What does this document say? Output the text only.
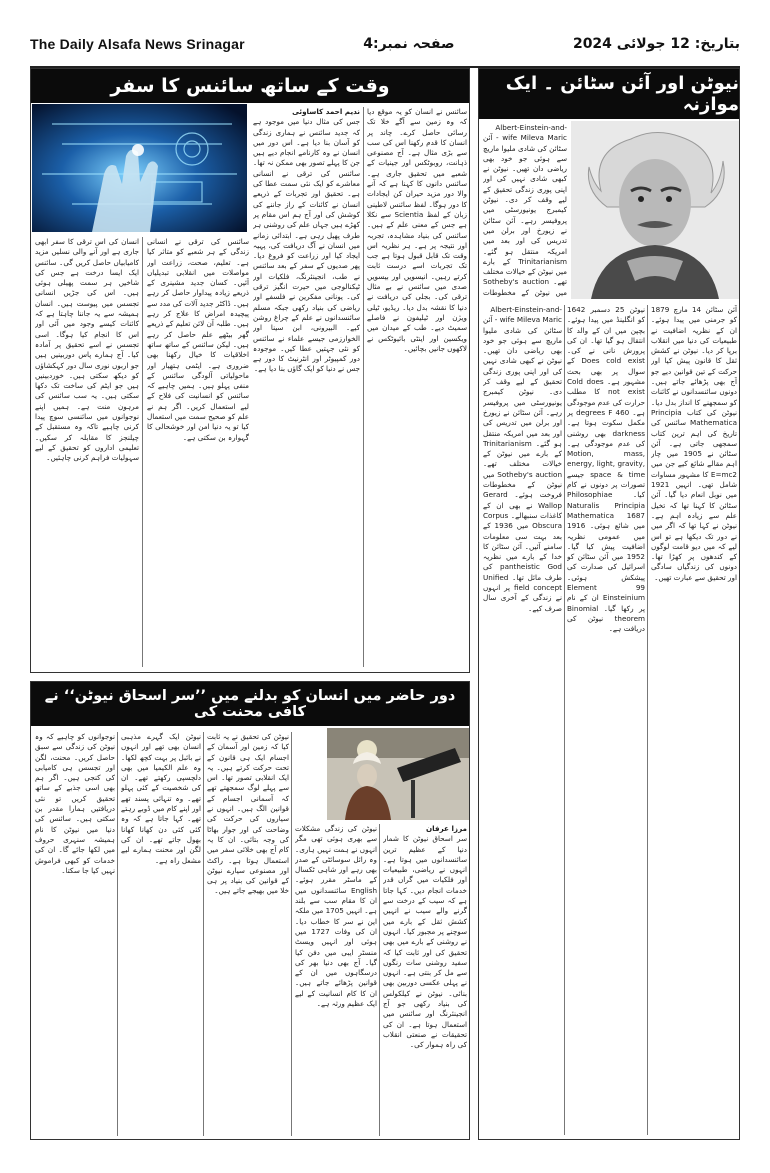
The Daily Alsafa News Srinagar	صفحہ نمبر:4	بتاریخ: 12 جولائی 2024
وقت کے ساتھ سائنس کا سفر

ندیم احمد کاساوئی

جس کی مثال دنیا میں موجود ہے کہ جدید سائنس نے ہماری زندگی کو آسان بنا دیا ہے۔ اس دور میں انسان نے وہ کارنامے انجام دیے ہیں جن کا پہلے تصور بھی ممکن نہ تھا۔ سائنس کی ترقی نے انسانی معاشرے کو ایک نئی سمت عطا کی ہے۔ تحقیق اور تجربات کے ذریعے انسان نے کائنات کے راز جاننے کی کوشش کی اور آج ہم اس مقام پر کھڑے ہیں جہاں علم کی روشنی ہر طرف پھیل رہی ہے۔ ابتدائی زمانے میں انسان نے آگ دریافت کی، پہیہ ایجاد کیا اور زراعت کو فروغ دیا۔ پھر صدیوں کے سفر کے بعد سائنس نے طب، انجینئرنگ، فلکیات اور ٹیکنالوجی میں حیرت انگیز ترقی کی۔ یونانی مفکرین نے فلسفے اور ریاضی کی بنیاد رکھی جبکہ مسلم سائنسدانوں نے علم کے چراغ روشن کیے۔ البیرونی، ابن سینا اور الخوارزمی جیسے علماء نے سائنس کو نئی جہتیں عطا کیں۔ موجودہ دور کمپیوٹر اور انٹرنیٹ کا دور ہے جس نے دنیا کو ایک گاؤں بنا دیا ہے۔

سائنس نے انسان کو یہ موقع دیا کہ وہ زمین سے آگے خلا تک رسائی حاصل کرے۔ چاند پر انسان کا قدم رکھنا اس کی سب سے بڑی مثال ہے۔ آج مصنوعی ذہانت، روبوٹکس اور جینیات کے شعبے میں تحقیق جاری ہے۔ سائنس دانوں کا کہنا ہے کہ آنے والا دور مزید حیران کن ایجادات کا دور ہوگا۔ لفظ سائنس لاطینی زبان کے لفظ Scientia سے نکلا ہے جس کے معنی علم کے ہیں۔ سائنس کی بنیاد مشاہدہ، تجربہ اور نتیجہ پر ہے۔ ہر نظریہ اس وقت تک قابل قبول ہوتا ہے جب تک تجربات اسے درست ثابت کرتے رہیں۔ انیسویں اور بیسویں صدی میں سائنس نے بے مثال ترقی کی۔ بجلی کی دریافت نے دنیا کا نقشہ بدل دیا۔ ریڈیو، ٹیلی ویژن اور ٹیلیفون نے فاصلے سمیٹ دیے۔ طب کے میدان میں ویکسین اور اینٹی بائیوٹکس نے لاکھوں جانیں بچائیں۔

سائنس کی ترقی نے انسانی زندگی کے ہر شعبے کو متاثر کیا ہے۔ تعلیم، صحت، زراعت اور مواصلات میں انقلابی تبدیلیاں آئیں۔ کسان جدید مشینری کے ذریعے زیادہ پیداوار حاصل کر رہے ہیں۔ ڈاکٹر جدید آلات کی مدد سے پیچیدہ امراض کا علاج کر رہے ہیں۔ طلبہ آن لائن تعلیم کے ذریعے گھر بیٹھے علم حاصل کر رہے ہیں۔ لیکن سائنس کے ساتھ ساتھ اخلاقیات کا خیال رکھنا بھی ضروری ہے۔ ایٹمی ہتھیار اور ماحولیاتی آلودگی سائنس کے منفی پہلو ہیں۔ ہمیں چاہیے کہ سائنس کو انسانیت کی فلاح کے لیے استعمال کریں۔ اگر ہم نے علم کو صحیح سمت میں استعمال کیا تو یہ دنیا امن اور خوشحالی کا گہوارہ بن سکتی ہے۔

انسان کی اس ترقی کا سفر ابھی جاری ہے اور آنے والی نسلیں مزید کامیابیاں حاصل کریں گی۔ سائنس ایک ایسا درخت ہے جس کی شاخیں ہر سمت پھیلی ہوئی ہیں۔ اس کی جڑیں انسانی تجسس میں پیوست ہیں۔ انسان ہمیشہ سے یہ جاننا چاہتا ہے کہ کائنات کیسے وجود میں آئی اور اس کا انجام کیا ہوگا۔ اسی تجسس نے اسے تحقیق پر آمادہ کیا۔ آج ہمارے پاس دوربینیں ہیں جو اربوں نوری سال دور کہکشاؤں کو دیکھ سکتی ہیں۔ خوردبینیں ہیں جو ایٹم کی ساخت تک دکھا سکتی ہیں۔ یہ سب سائنس کی مرہون منت ہے۔ ہمیں اپنے نوجوانوں میں سائنسی سوچ پیدا کرنی چاہیے تاکہ وہ مستقبل کے چیلنجز کا مقابلہ کر سکیں۔ تعلیمی اداروں کو تحقیق کے لیے سہولیات فراہم کرنی چاہئیں۔

نیوٹن اور آئن سٹائن ۔ ایک موازنہ

Albert-Einstein-and-wife Mileva Maric - آئن سٹائن کی شادی ملیوا ماریچ سے ہوئی جو خود بھی ریاضی دان تھیں۔ نیوٹن نے کبھی شادی نہیں کی اور اپنی پوری زندگی تحقیق کے لیے وقف کر دی۔ نیوٹن کیمبرج یونیورسٹی میں پروفیسر رہے۔ آئن سٹائن نے زیورخ اور برلن میں تدریس کی اور بعد میں امریکہ منتقل ہو گئے۔ Trinitarianism کے بارے میں نیوٹن کے خیالات مختلف تھے۔ Sotheby's auction میں نیوٹن کے مخطوطات

آئن سٹائن 14 مارچ 1879 کو جرمنی میں پیدا ہوئے۔ ان کے نظریہ اضافیت نے طبیعیات کی دنیا میں انقلاب برپا کر دیا۔ نیوٹن نے کشش ثقل کا قانون پیش کیا اور حرکت کے تین قوانین دیے جو آج بھی پڑھائے جاتے ہیں۔ دونوں سائنسدانوں نے کائنات کو سمجھنے کا انداز بدل دیا۔ نیوٹن کی کتاب Principia Mathematica سائنس کی تاریخ کی اہم ترین کتاب سمجھی جاتی ہے۔ آئن سٹائن نے 1905 میں چار اہم مقالے شائع کیے جن میں E=mc2 کا مشہور مساوات شامل تھی۔ انہیں 1921 میں نوبل انعام دیا گیا۔ آئن سٹائن کا کہنا تھا کہ تخیل علم سے زیادہ اہم ہے۔ نیوٹن نے کہا تھا کہ اگر میں نے دور تک دیکھا ہے تو اس لیے کہ میں دیو قامت لوگوں کے کندھوں پر کھڑا تھا۔ دونوں کی زندگیاں سادگی اور تحقیق سے عبارت تھیں۔

نیوٹن 25 دسمبر 1642 کو انگلینڈ میں پیدا ہوئے۔ بچپن میں ان کے والد کا انتقال ہو گیا تھا۔ ان کی پرورش نانی نے کی۔ Does cold exist کے سوال پر بھی بحث مشہور ہے۔ Cold does not exist کا مطلب حرارت کی عدم موجودگی ہے۔ 460 degrees F پر مکمل سکوت ہوتا ہے۔ darkness بھی روشنی کی عدم موجودگی ہے۔ Motion, mass, energy, light, gravity, space & time جیسے تصورات پر دونوں نے کام کیا۔ Philosophiae Naturalis Principia Mathematica 1687 میں شائع ہوئی۔ 1916 میں عمومی نظریہ اضافیت پیش کیا گیا۔ 1952 میں آئن سٹائن کو اسرائیل کی صدارت کی پیشکش ہوئی۔ Element 99 Einsteinium ان کے نام پر رکھا گیا۔ Binomial theorem نیوٹن کی دریافت ہے۔

Albert-Einstein-and-wife Mileva Maric - آئن سٹائن کی شادی ملیوا ماریچ سے ہوئی جو خود بھی ریاضی دان تھیں۔ نیوٹن نے کبھی شادی نہیں کی اور اپنی پوری زندگی تحقیق کے لیے وقف کر دی۔ نیوٹن کیمبرج یونیورسٹی میں پروفیسر رہے۔ آئن سٹائن نے زیورخ اور برلن میں تدریس کی اور بعد میں امریکہ منتقل ہو گئے۔ Trinitarianism کے بارے میں نیوٹن کے خیالات مختلف تھے۔ Sotheby's auction میں نیوٹن کے مخطوطات فروخت ہوئے۔ Gerard Wallop نے بھی ان کے کاغذات سنبھالے۔ Corpus Obscura میں 1936 کے بعد بہت سی معلومات سامنے آئیں۔ آئن سٹائن کا خدا کے بارے میں نظریہ pantheistic God کی طرف مائل تھا۔ Unified field concept پر انہوں نے زندگی کے آخری سال صرف کیے۔

دور حاضر میں انسان کو بدلنے میں ’’سر اسحاق نیوٹن‘‘ نے کافی محنت کی

مرزا عرفان

سر اسحاق نیوٹن کا شمار دنیا کے عظیم ترین سائنسدانوں میں ہوتا ہے۔ انہوں نے ریاضی، طبیعیات اور فلکیات میں گراں قدر خدمات انجام دیں۔ کہا جاتا ہے کہ سیب کے درخت سے گرنے والے سیب نے انہیں کشش ثقل کے بارے میں سوچنے پر مجبور کیا۔ انہوں نے روشنی کے بارے میں بھی تحقیق کی اور ثابت کیا کہ سفید روشنی سات رنگوں سے مل کر بنتی ہے۔ انہوں نے پہلی عکسی دوربین بھی بنائی۔ نیوٹن نے کیلکولس کی بنیاد رکھی جو آج انجینئرنگ اور سائنس میں استعمال ہوتا ہے۔ ان کی تحقیقات نے صنعتی انقلاب کی راہ ہموار کی۔

نیوٹن کی زندگی مشکلات سے بھری ہوئی تھی مگر انہوں نے ہمت نہیں ہاری۔ وہ رائل سوسائٹی کے صدر بھی رہے اور شاہی ٹکسال کے ماسٹر مقرر ہوئے۔ English سائنسدانوں میں ان کا مقام سب سے بلند ہے۔ انہیں 1705 میں ملکہ این نے سر کا خطاب دیا۔ ان کی وفات 1727 میں ہوئی اور انہیں ویسٹ منسٹر ایبی میں دفن کیا گیا۔ آج بھی دنیا بھر کی درسگاہوں میں ان کے قوانین پڑھائے جاتے ہیں۔ ان کا کام انسانیت کے لیے ایک عظیم ورثہ ہے۔

نیوٹن کی تحقیق نے یہ ثابت کیا کہ زمین اور آسمان کے اجسام ایک ہی قانون کے تحت حرکت کرتے ہیں۔ یہ ایک انقلابی تصور تھا۔ اس سے پہلے لوگ سمجھتے تھے کہ آسمانی اجسام کے قوانین الگ ہیں۔ انہوں نے سیاروں کی حرکت کی وضاحت کی اور جوار بھاٹا کی وجہ بتائی۔ ان کا یہ کام آج بھی خلائی سفر میں استعمال ہوتا ہے۔ راکٹ اور مصنوعی سیارے نیوٹن کے قوانین کی بنیاد پر ہی خلا میں بھیجے جاتے ہیں۔

نیوٹن ایک گہرے مذہبی انسان بھی تھے اور انہوں نے بائبل پر بہت کچھ لکھا۔ وہ علم الکیمیا میں بھی دلچسپی رکھتے تھے۔ ان کی شخصیت کے کئی پہلو تھے۔ وہ تنہائی پسند تھے اور اپنے کام میں ڈوبے رہتے تھے۔ کہا جاتا ہے کہ وہ کئی کئی دن کھانا کھانا بھول جاتے تھے۔ ان کی لگن اور محنت ہمارے لیے مشعل راہ ہے۔

نوجوانوں کو چاہیے کہ وہ نیوٹن کی زندگی سے سبق حاصل کریں۔ محنت، لگن اور تجسس ہی کامیابی کی کنجی ہیں۔ اگر ہم بھی اسی جذبے کے ساتھ تحقیق کریں تو نئی دریافتیں ہمارا مقدر بن سکتی ہیں۔ سائنس کی دنیا میں نیوٹن کا نام ہمیشہ سنہری حروف میں لکھا جائے گا۔ ان کی خدمات کو کبھی فراموش نہیں کیا جا سکتا۔
